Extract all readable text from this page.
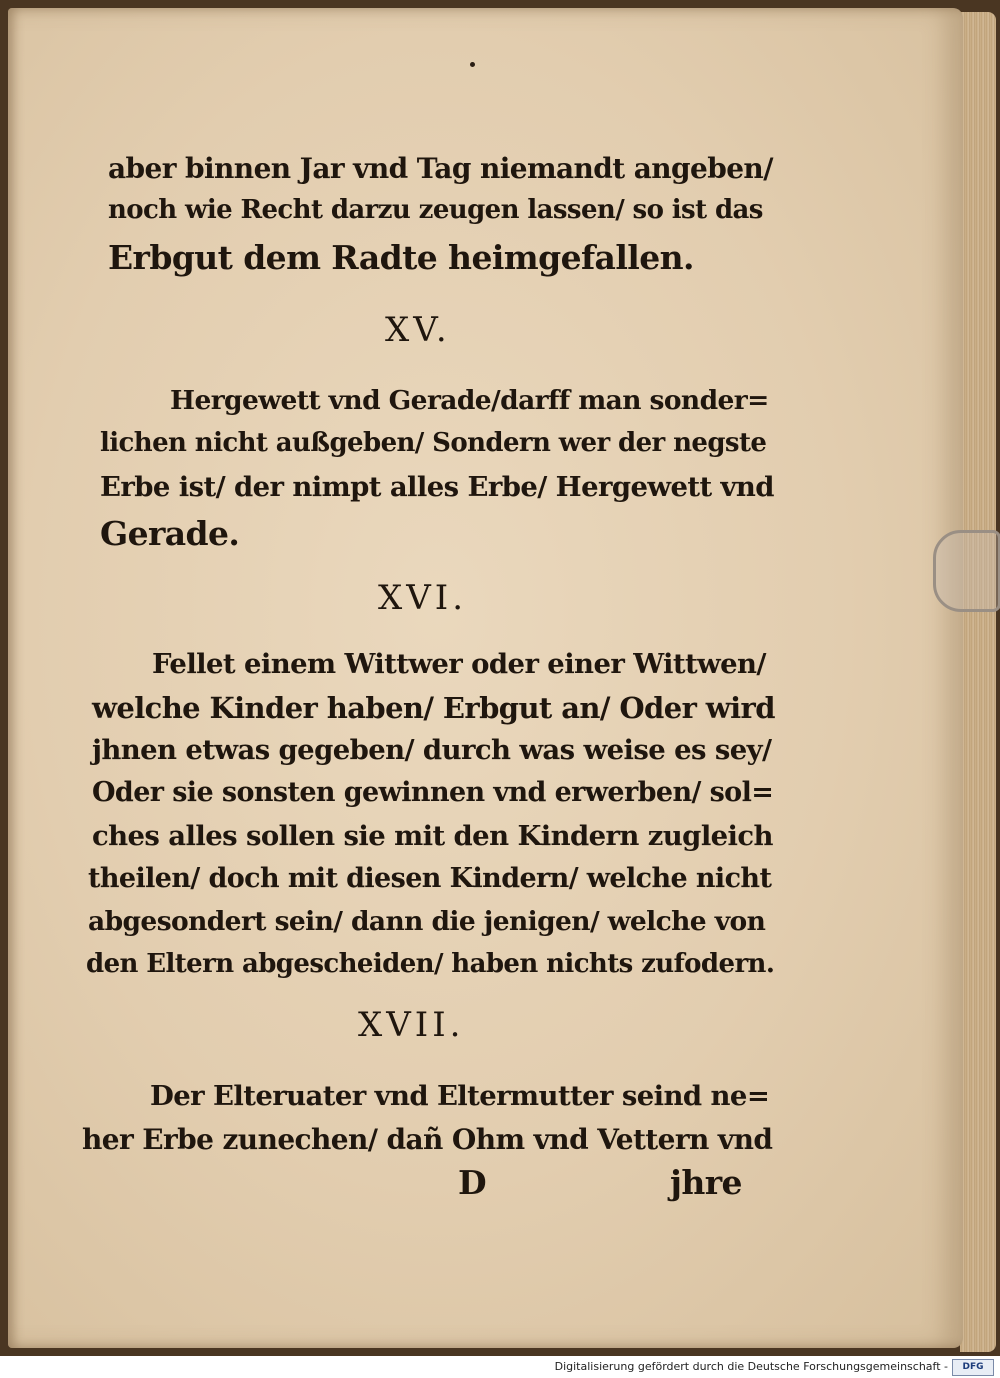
aber binnen Jar vnd Tag niemandt angeben/
noch wie Recht darzu zeugen lassen/ so ist das
Erbgut dem Radte heimgefallen.
XV.
Hergewett vnd Gerade/darff man sonder=
lichen nicht außgeben/ Sondern wer der negste
Erbe ist/ der nimpt alles Erbe/ Hergewett vnd
Gerade.
XVI.
Fellet einem Wittwer oder einer Wittwen/
welche Kinder haben/ Erbgut an/ Oder wird
jhnen etwas gegeben/ durch was weise es sey/
Oder sie sonsten gewinnen vnd erwerben/ sol=
ches alles sollen sie mit den Kindern zugleich
theilen/ doch mit diesen Kindern/ welche nicht
abgesondert sein/ dann die jenigen/ welche von
den Eltern abgescheiden/ haben nichts zufodern.
XVII.
Der Elteruater vnd Eltermutter seind ne=
her Erbe zunechen/ dañ Ohm vnd Vettern vnd
D	jhre
Digitalisierung gefördert durch die Deutsche Forschungsgemeinschaft -	DFG
